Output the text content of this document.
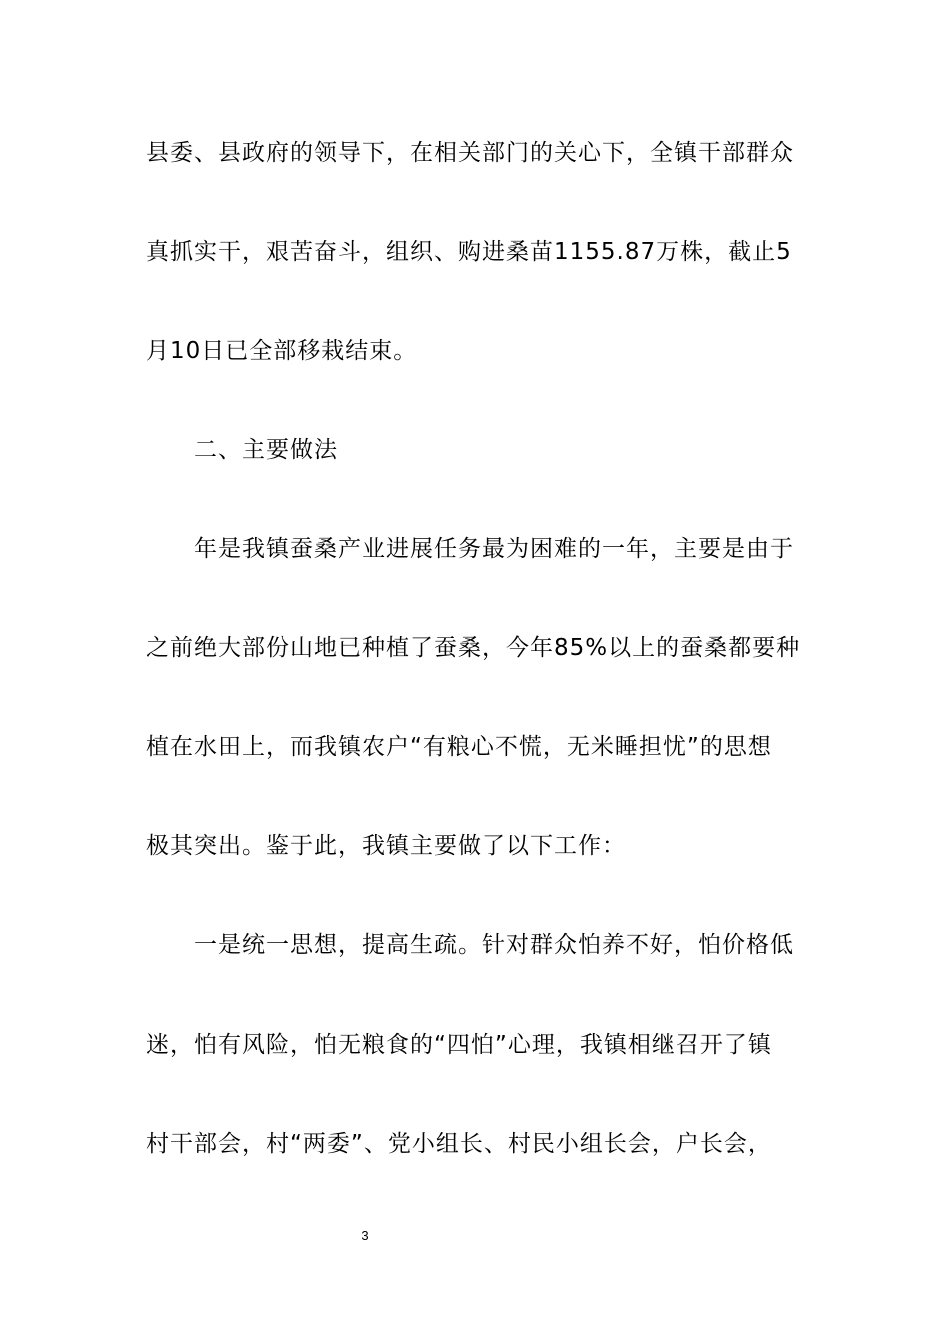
县委、县政府的领导下，在相关部门的关心下，全镇干部群众
真抓实干，艰苦奋斗，组织、购进桑苗1155.87万株，截止5
月10日已全部移栽结束。
二、主要做法
年是我镇蚕桑产业进展任务最为困难的一年，主要是由于
之前绝大部份山地已种植了蚕桑，今年85%以上的蚕桑都要种
植在水田上，而我镇农户“有粮心不慌，无米睡担忧”的思想
极其突出。鉴于此，我镇主要做了以下工作：
一是统一思想，提高生疏。针对群众怕养不好，怕价格低
迷，怕有风险，怕无粮食的“四怕”心理，我镇相继召开了镇
村干部会，村“两委”、党小组长、村民小组长会，户长会，
3
